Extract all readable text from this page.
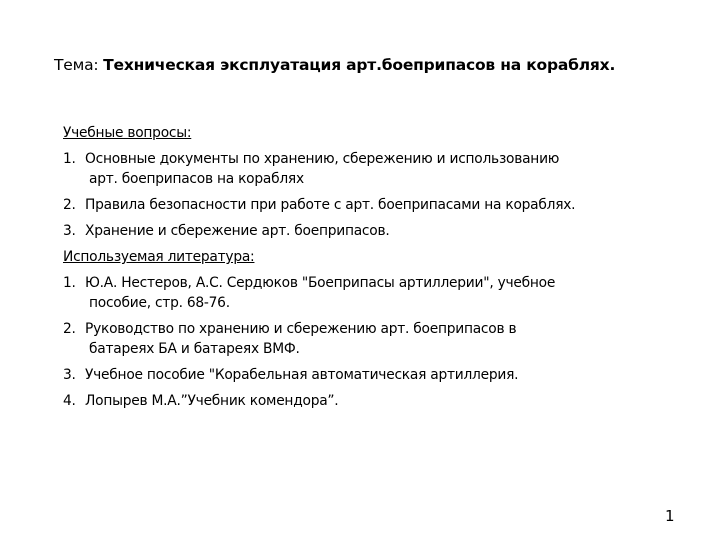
Тема: Техническая эксплуатация арт.боеприпасов на кораблях.
Учебные вопросы:
1. Основные документы по хранению, сбережению и использованию
арт. боеприпасов на кораблях
2. Правила безопасности при работе с арт. боеприпасами на кораблях.
3. Хранение и сбережение арт. боеприпасов.
Используемая литература:
1. Ю.А. Нестеров, А.С. Сердюков "Боеприпасы артиллерии", учебное
пособие, стр. 68-76.
2. Руководство по хранению и сбережению арт. боеприпасов в
батареях БА и батареях ВМФ.
3. Учебное пособие "Корабельная автоматическая артиллерия.
4. Лопырев М.А.”Учебник комендора”.
1
